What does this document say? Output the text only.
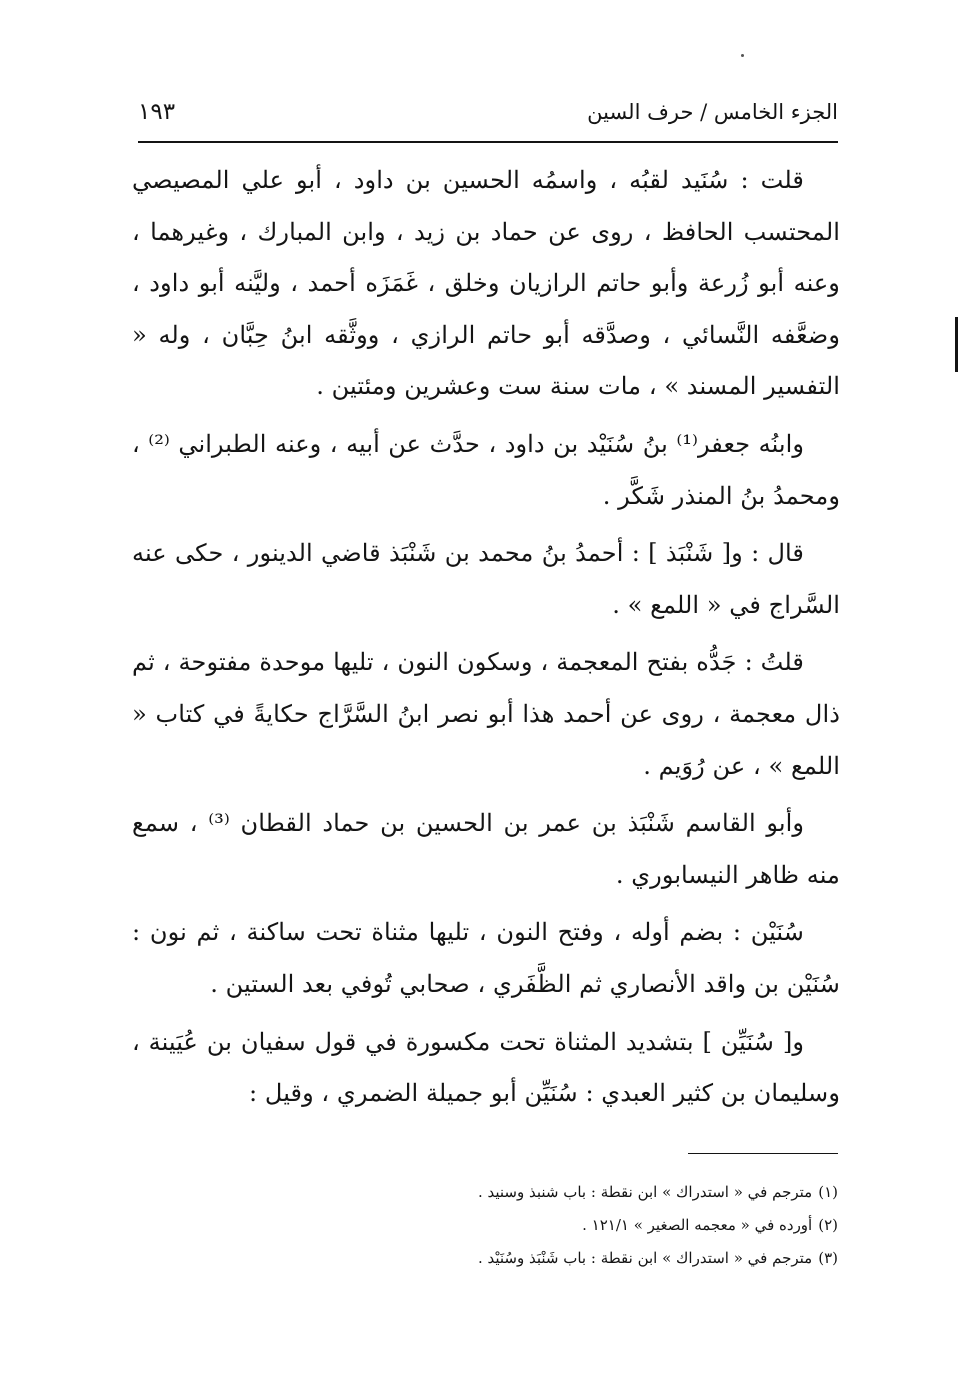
الجزء الخامس / حرف السين
١٩٣

قلت : سُنَيد لقبُه ، واسمُه الحسين بن داود ، أبو علي المصيصي المحتسب الحافظ ، روى عن حماد بن زيد ، وابن المبارك ، وغيرهما ، وعنه أبو زُرعة وأبو حاتم الرازيان وخلق ، غَمَزَه أحمد ، وليَّنه أبو داود ، وضعَّفه النَّسائي ، وصدَّقه أبو حاتم الرازي ، ووثَّقه ابنُ حِبَّان ، وله « التفسير المسند » ، مات سنة ست وعشرين ومئتين .

وابنُه جعفر⁽¹⁾ بنُ سُنَيْد بن داود ، حدَّث عن أبيه ، وعنه الطبراني ⁽²⁾ ، ومحمدُ بنُ المنذر شَكَّر .

قال : و[ شَنْبَذ ] : أحمدُ بنُ محمد بن شَنْبَذ قاضي الدينور ، حكى عنه السَّراج في « اللمع » .

قلتُ : جَدُّه بفتح المعجمة ، وسكون النون ، تليها موحدة مفتوحة ، ثم ذال معجمة ، روى عن أحمد هذا أبو نصر ابنُ السَّرَّاج حكايةً في كتاب « اللمع » ، عن رُوَيم .

وأبو القاسم شَنْبَذ بن عمر بن الحسين بن حماد القطان ⁽³⁾ ، سمع منه ظاهر النيسابوري .

سُنَيْن : بضم أوله ، وفتح النون ، تليها مثناة تحت ساكنة ، ثم نون : سُنَيْن بن واقد الأنصاري ثم الظَّفَري ، صحابي تُوفي بعد الستين .

و[ سُنَيِّن ] بتشديد المثناة تحت مكسورة في قول سفيان بن عُيَينة ، وسليمان بن كثير العبدي : سُنَيِّن أبو جميلة الضمري ، وقيل :

(١)مترجم في « استدراك » ابن نقطة : باب شنبذ وسنيد .

(٢)أورده في « معجمه الصغير » ١٢١/١ .

(٣)مترجم في « استدراك » ابن نقطة : باب شَنْبَذ وسُنَيْد .
